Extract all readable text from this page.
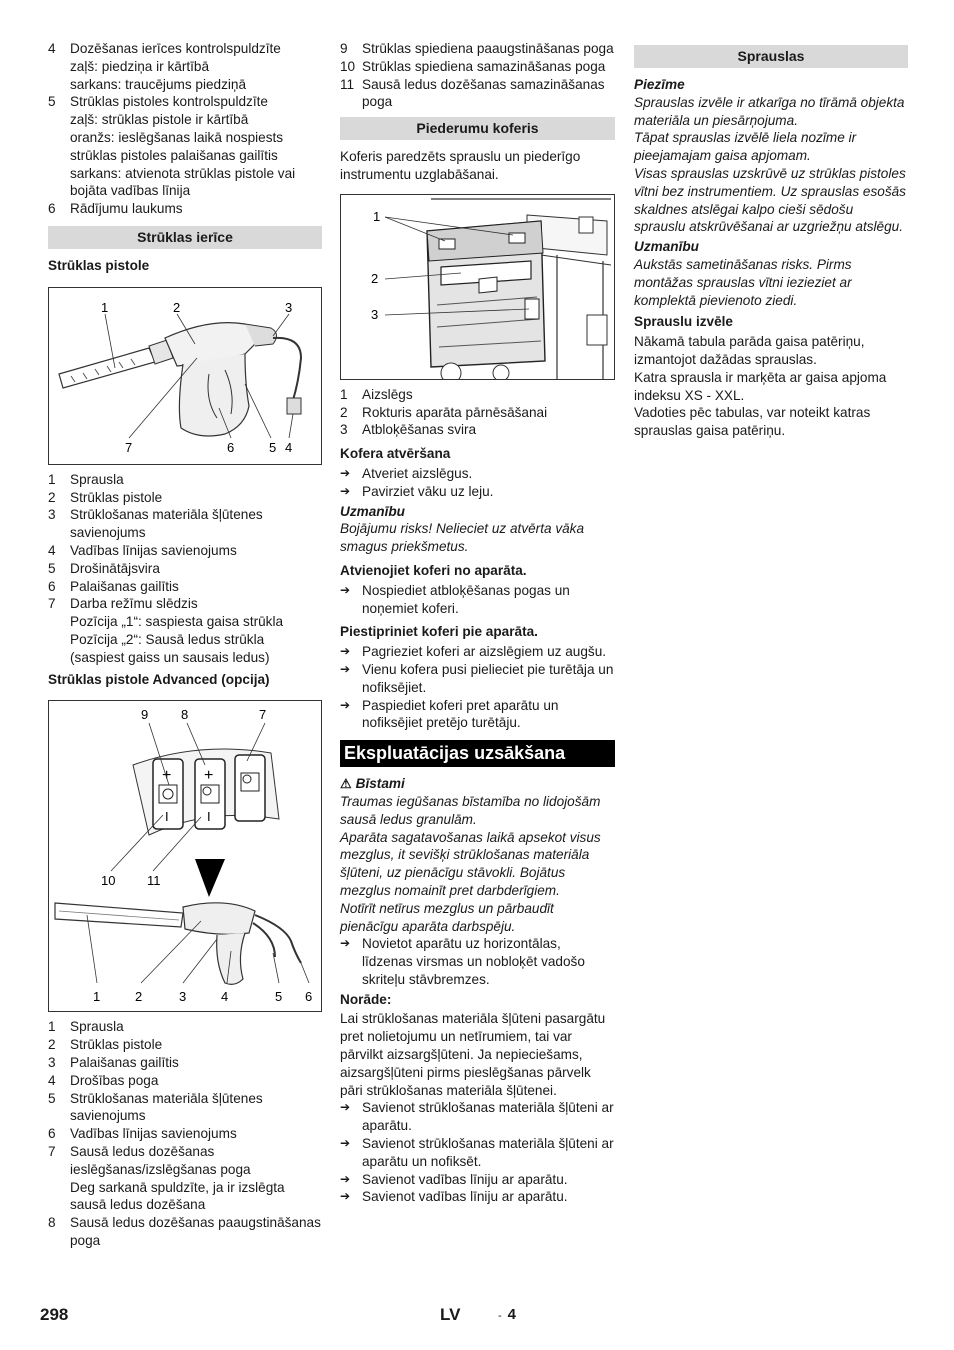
4	Dozēšanas ierīces kontrolspuldzīte
zaļš: piedziņa ir kārtībā
sarkans: traucējums piedziņā
5	Strūklas pistoles kontrolspuldzīte
zaļš: strūklas pistole ir kārtībā
oranžs: ieslēgšanas laikā nospiests strūklas pistoles palaišanas gailītis
sarkans: atvienota strūklas pistole vai bojāta vadības līnija
6	Rādījumu laukums
Strūklas ierīce
Strūklas pistole
1	2	3
7	6	5 4
1	Sprausla
2	Strūklas pistole
3	Strūklošanas materiāla šļūtenes savienojums
4	Vadības līnijas savienojums
5	Drošinātājsvira
6	Palaišanas gailītis
7	Darba režīmu slēdzis
Pozīcija „1“: saspiesta gaisa strūkla
Pozīcija „2“: Sausā ledus strūkla (saspiest gaiss un sausais ledus)
Strūklas pistole Advanced (opcija)
+ +
I	I
9	8	7
10 11
1	2	3	4	5 6
1	Sprausla
2	Strūklas pistole
3	Palaišanas gailītis
4	Drošības poga
5	Strūklošanas materiāla šļūtenes savienojums
6	Vadības līnijas savienojums
7	Sausā ledus dozēšanas ieslēgšanas/izslēgšanas poga
Deg sarkanā spuldzīte, ja ir izslēgta sausā ledus dozēšana
8	Sausā ledus dozēšanas paaugstināšanas poga
9	Strūklas spiediena paaugstināšanas poga
10 Strūklas spiediena samazināšanas poga
11 Sausā ledus dozēšanas samazināšanas poga
Piederumu koferis
Koferis paredzēts sprauslu un piederīgo instrumentu uzglabāšanai.
1
2
3
1	Aizslēgs
2	Rokturis aparāta pārnēsāšanai
3	Atbloķēšanas svira
Kofera atvēršana
➔ Atveriet aizslēgus.
➔ Pavirziet vāku uz leju.
Uzmanību
Bojājumu risks! Nelieciet uz atvērta vāka smagus priekšmetus.
Atvienojiet koferi no aparāta.
➔ Nospiediet atbloķēšanas pogas un noņemiet koferi.
Piestipriniet koferi pie aparāta.
➔ Pagrieziet koferi ar aizslēgiem uz augšu.
➔ Vienu kofera pusi pielieciet pie turētāja un nofiksējiet.
➔ Paspiediet koferi pret aparātu un nofiksējiet pretējo turētāju.
Ekspluatācijas uzsākšana
⚠ Bīstami
Traumas iegūšanas bīstamība no lidojošām sausā ledus granulām.
Aparāta sagatavošanas laikā apsekot visus mezglus, it sevišķi strūklošanas materiāla šļūteni, uz pienācīgu stāvokli. Bojātus mezglus nomainīt pret darbderīgiem.
Notīrīt netīrus mezglus un pārbaudīt pienācīgu aparāta darbspēju.
➔ Novietot aparātu uz horizontālas, līdzenas virsmas un nobloķēt vadošo skriteļu stāvbremzes.
Norāde:
Lai strūklošanas materiāla šļūteni pasargātu pret nolietojumu un netīrumiem, tai var pārvilkt aizsargšļūteni. Ja nepieciešams, aizsargšļūteni pirms pieslēgšanas pārvelk pāri strūklošanas materiāla šļūtenei.
➔ Savienot strūklošanas materiāla šļūteni ar aparātu.
➔ Savienot strūklošanas materiāla šļūteni ar aparātu un nofiksēt.
➔ Savienot vadības līniju ar aparātu.
➔ Savienot vadības līniju ar aparātu.
Sprauslas
Piezīme
Sprauslas izvēle ir atkarīga no tīrāmā objekta materiāla un piesārņojuma.
Tāpat sprauslas izvēlē liela nozīme ir pieejamajam gaisa apjomam.
Visas sprauslas uzskrūvē uz strūklas pistoles vītni bez instrumentiem. Uz sprauslas esošās skaldnes atslēgai kalpo cieši sēdošu sprauslu atskrūvēšanai ar uzgriežņu atslēgu.
Uzmanību
Aukstās sametināšanas risks. Pirms montāžas sprauslas vītni iezieziet ar komplektā pievienoto ziedi.
Sprauslu izvēle
Nākamā tabula parāda gaisa patēriņu, izmantojot dažādas sprauslas.
Katra sprausla ir marķēta ar gaisa apjoma indeksu XS - XXL.
Vadoties pēc tabulas, var noteikt katras sprauslas gaisa patēriņu.
298	LV	- 4
